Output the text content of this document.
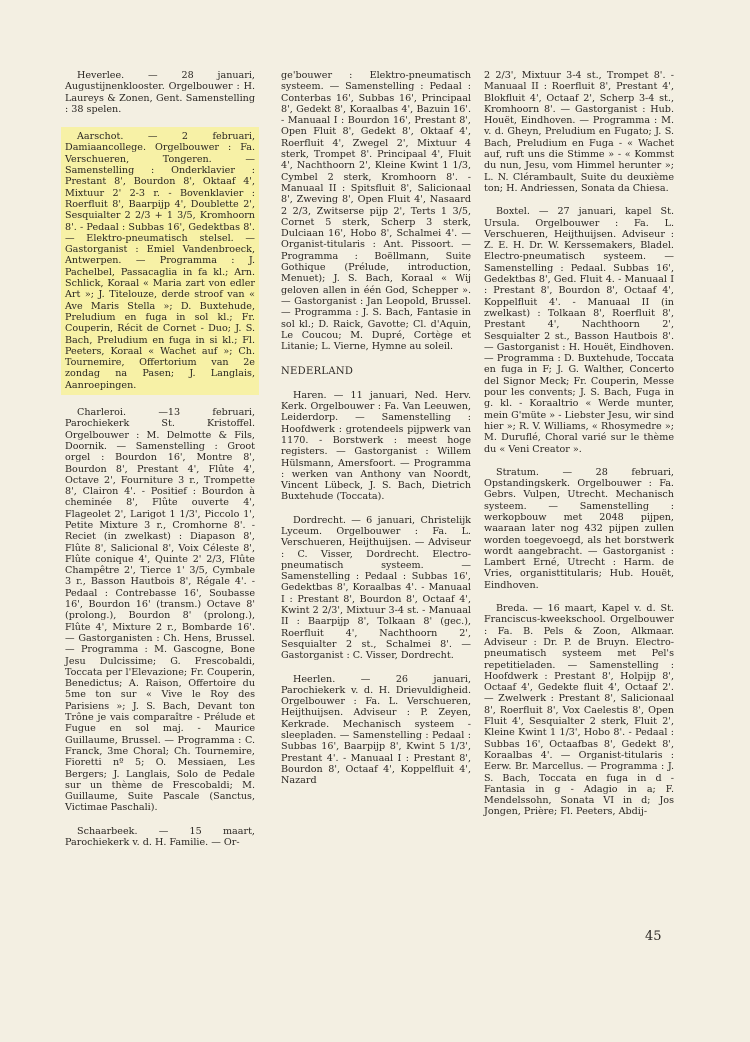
Heverlee. — 28 januari, Augustijnenklooster. Orgelbouwer : H. Laureys & Zonen, Gent. Samenstelling : 38 spelen.

Aarschot. — 2 februari, Damiaancollege. Orgelbouwer : Fa. Verschueren, Tongeren. — Samenstelling : Onderklavier : Prestant 8', Bourdon 8', Oktaaf 4', Mixtuur 2' 2-3 r. - Bovenklavier : Roerfluit 8', Baarpijp 4', Doublette 2', Sesquialter 2 2/3 + 1 3/5, Kromhoorn 8'. - Pedaal : Subbas 16', Gedektbas 8'. — Elektro-pneumatisch stelsel. — Gastorganist : Emiel Vandenbroeck, Antwerpen. — Programma : J. Pachelbel, Passacaglia in fa kl.; Arn. Schlick, Koraal « Maria zart von edler Art »; J. Titelouze, derde stroof van « Ave Maris Stella »; D. Buxtehude, Preludium en fuga in sol kl.; Fr. Couperin, Récit de Cornet - Duo; J. S. Bach, Preludium en fuga in si kl.; Fl. Peeters, Koraal « Wachet auf »; Ch. Tournemire, Offertorium van 2e zondag na Pasen; J. Langlais, Aanroepingen.

Charleroi. —13 februari, Parochiekerk St. Kristoffel. Orgelbouwer : M. Delmotte & Fils, Doornik. — Samenstelling : Groot orgel : Bourdon 16', Montre 8', Bourdon 8', Prestant 4', Flûte 4', Octave 2', Fourniture 3 r., Trompette 8', Clairon 4'. - Positief : Bourdon à cheminée 8', Flûte ouverte 4', Flageolet 2', Larigot 1 1/3', Piccolo 1', Petite Mixture 3 r., Cromhorne 8'. - Reciet (in zwelkast) : Diapason 8', Flûte 8', Salicional 8', Voix Céleste 8', Flûte conique 4', Quinte 2' 2/3, Flûte Champêtre 2', Tierce 1' 3/5, Cymbale 3 r., Basson Hautbois 8', Régale 4'. - Pedaal : Contrebasse 16', Soubasse 16', Bourdon 16' (transm.) Octave 8' (prolong.), Bourdon 8' (prolong.), Flûte 4', Mixture 2 r., Bombarde 16'. — Gastorganisten : Ch. Hens, Brussel. — Programma : M. Gascogne, Bone Jesu Dulcissime; G. Frescobaldi, Toccata per l'Elevazione; Fr. Couperin, Benedictus; A. Raison, Offertoire du 5me ton sur « Vive le Roy des Parisiens »; J. S. Bach, Devant ton Trône je vais comparaître - Prélude et Fugue en sol maj. - Maurice Guillaume, Brussel. — Programma : C. Franck, 3me Choral; Ch. Tournemire, Fioretti nº 5; O. Messiaen, Les Bergers; J. Langlais, Solo de Pedale sur un thème de Frescobaldi; M. Guillaume, Suite Pascale (Sanctus, Victimae Paschali).

Schaarbeek. — 15 maart, Parochiekerk v. d. H. Familie. — Or-

ge'bouwer : Elektro-pneumatisch systeem. — Samenstelling : Pedaal : Conterbas 16', Subbas 16', Principaal 8', Gedekt 8', Koraalbas 4', Bazuin 16'. - Manuaal I : Bourdon 16', Prestant 8', Open Fluit 8', Gedekt 8', Oktaaf 4', Roerfluit 4', Zwegel 2', Mixtuur 4 sterk, Trompet 8'. Principaal 4', Fluit 4', Nachthoorn 2', Kleine Kwint 1 1/3, Cymbel 2 sterk, Kromhoorn 8'. - Manuaal II : Spitsfluit 8', Salicionaal 8', Zweving 8', Open Fluit 4', Nasaard 2 2/3, Zwitserse pijp 2', Terts 1 3/5, Cornet 5 sterk, Scherp 3 sterk, Dulciaan 16', Hobo 8', Schalmei 4'. — Organist-titularis : Ant. Pissoort. — Programma : Boëllmann, Suite Gothique (Prélude, introduction, Menuet); J. S. Bach, Koraal « Wij geloven allen in één God, Schepper ». — Gastorganist : Jan Leopold, Brussel. — Programma : J. S. Bach, Fantasie in sol kl.; D. Raick, Gavotte; Cl. d'Aquin, Le Coucou; M. Dupré, Cortège et Litanie; L. Vierne, Hymne au soleil.

NEDERLAND

Haren. — 11 januari, Ned. Herv. Kerk. Orgelbouwer : Fa. Van Leeuwen, Leiderdorp. — Samenstelling : Hoofdwerk : grotendeels pijpwerk van 1170. - Borstwerk : meest hoge registers. — Gastorganist : Willem Hülsmann, Amersfoort. — Programma : werken van Anthony van Noordt, Vincent Lübeck, J. S. Bach, Dietrich Buxtehude (Toccata).

Dordrecht. — 6 januari, Christelijk Lyceum. Orgelbouwer : Fa. L. Verschueren, Heijthuijsen. — Adviseur : C. Visser, Dordrecht. Electro-pneumatisch systeem. — Samenstelling : Pedaal : Subbas 16', Gedektbas 8', Koraalbas 4'. - Manuaal I : Prestant 8', Bourdon 8', Octaaf 4', Kwint 2 2/3', Mixtuur 3-4 st. - Manuaal II : Baarpijp 8', Tolkaan 8' (gec.), Roerfluit 4', Nachthoorn 2', Sesquialter 2 st., Schalmei 8'. — Gastorganist : C. Visser, Dordrecht.

Heerlen. — 26 januari, Parochiekerk v. d. H. Drievuldigheid. Orgelbouwer : Fa. L. Verschueren, Heijthuijsen. Adviseur : P. Zeyen, Kerkrade. Mechanisch systeem - sleepladen. — Samenstelling : Pedaal : Subbas 16', Baarpijp 8', Kwint 5 1/3', Prestant 4'. - Manuaal I : Prestant 8', Bourdon 8', Octaaf 4', Koppelfluit 4', Nazard

2 2/3', Mixtuur 3-4 st., Trompet 8'. - Manuaal II : Roerfluit 8', Prestant 4', Blokfluit 4', Octaaf 2', Scherp 3-4 st., Kromhoorn 8'. — Gastorganist : Hub. Houët, Eindhoven. — Programma : M. v. d. Gheyn, Preludium en Fugato; J. S. Bach, Preludium en Fuga - « Wachet auf, ruft uns die Stimme » - « Kommst du nun, Jesu, vom Himmel herunter »; L. N. Clérambault, Suite du deuxième ton; H. Andriessen, Sonata da Chiesa.

Boxtel. — 27 januari, kapel St. Ursula. Orgelbouwer : Fa. L. Verschueren, Heijthuijsen. Adviseur : Z. E. H. Dr. W. Kerssemakers, Bladel. Electro-pneumatisch systeem. — Samenstelling : Pedaal. Subbas 16', Gedektbas 8', Ged. Fluit 4. - Manuaal I : Prestant 8', Bourdon 8', Octaaf 4', Koppelfluit 4'. - Manuaal II (in zwelkast) : Tolkaan 8', Roerfluit 8', Prestant 4', Nachthoorn 2', Sesquialter 2 st., Basson Hautbois 8'. — Gastorganist : H. Houët, Eindhoven. — Programma : D. Buxtehude, Toccata en fuga in F; J. G. Walther, Concerto del Signor Meck; Fr. Couperin, Messe pour les convents; J. S. Bach, Fuga in g. kl. - Koraaltrio « Werde munter, mein G'müte » - Liebster Jesu, wir sind hier »; R. V. Williams, « Rhosymedre »; M. Duruflé, Choral varié sur le thème du « Veni Creator ».

Stratum. — 28 februari, Opstandingskerk. Orgelbouwer : Fa. Gebrs. Vulpen, Utrecht. Mechanisch systeem. — Samenstelling : werkopbouw met 2048 pijpen, waaraan later nog 432 pijpen zullen worden toegevoegd, als het borstwerk wordt aangebracht. — Gastorganist : Lambert Erné, Utrecht : Harm. de Vries, organisttitularis; Hub. Houët, Eindhoven.

Breda. — 16 maart, Kapel v. d. St. Franciscus-kweekschool. Orgelbouwer : Fa. B. Pels & Zoon, Alkmaar. Adviseur : Dr. P. de Bruyn. Electro-pneumatisch systeem met Pel's repetitieladen. — Samenstelling : Hoofdwerk : Prestant 8', Holpijp 8', Octaaf 4', Gedekte fluit 4', Octaaf 2'. — Zwelwerk : Prestant 8', Salicionaal 8', Roerfluit 8', Vox Caelestis 8', Open Fluit 4', Sesquialter 2 sterk, Fluit 2', Kleine Kwint 1 1/3', Hobo 8'. - Pedaal : Subbas 16', Octaafbas 8', Gedekt 8', Koraalbas 4'. — Organist-titularis : Eerw. Br. Marcellus. — Programma : J. S. Bach, Toccata en fuga in d - Fantasia in g - Adagio in a; F. Mendelssohn, Sonata VI in d; Jos Jongen, Prière; Fl. Peeters, Abdij-

45
